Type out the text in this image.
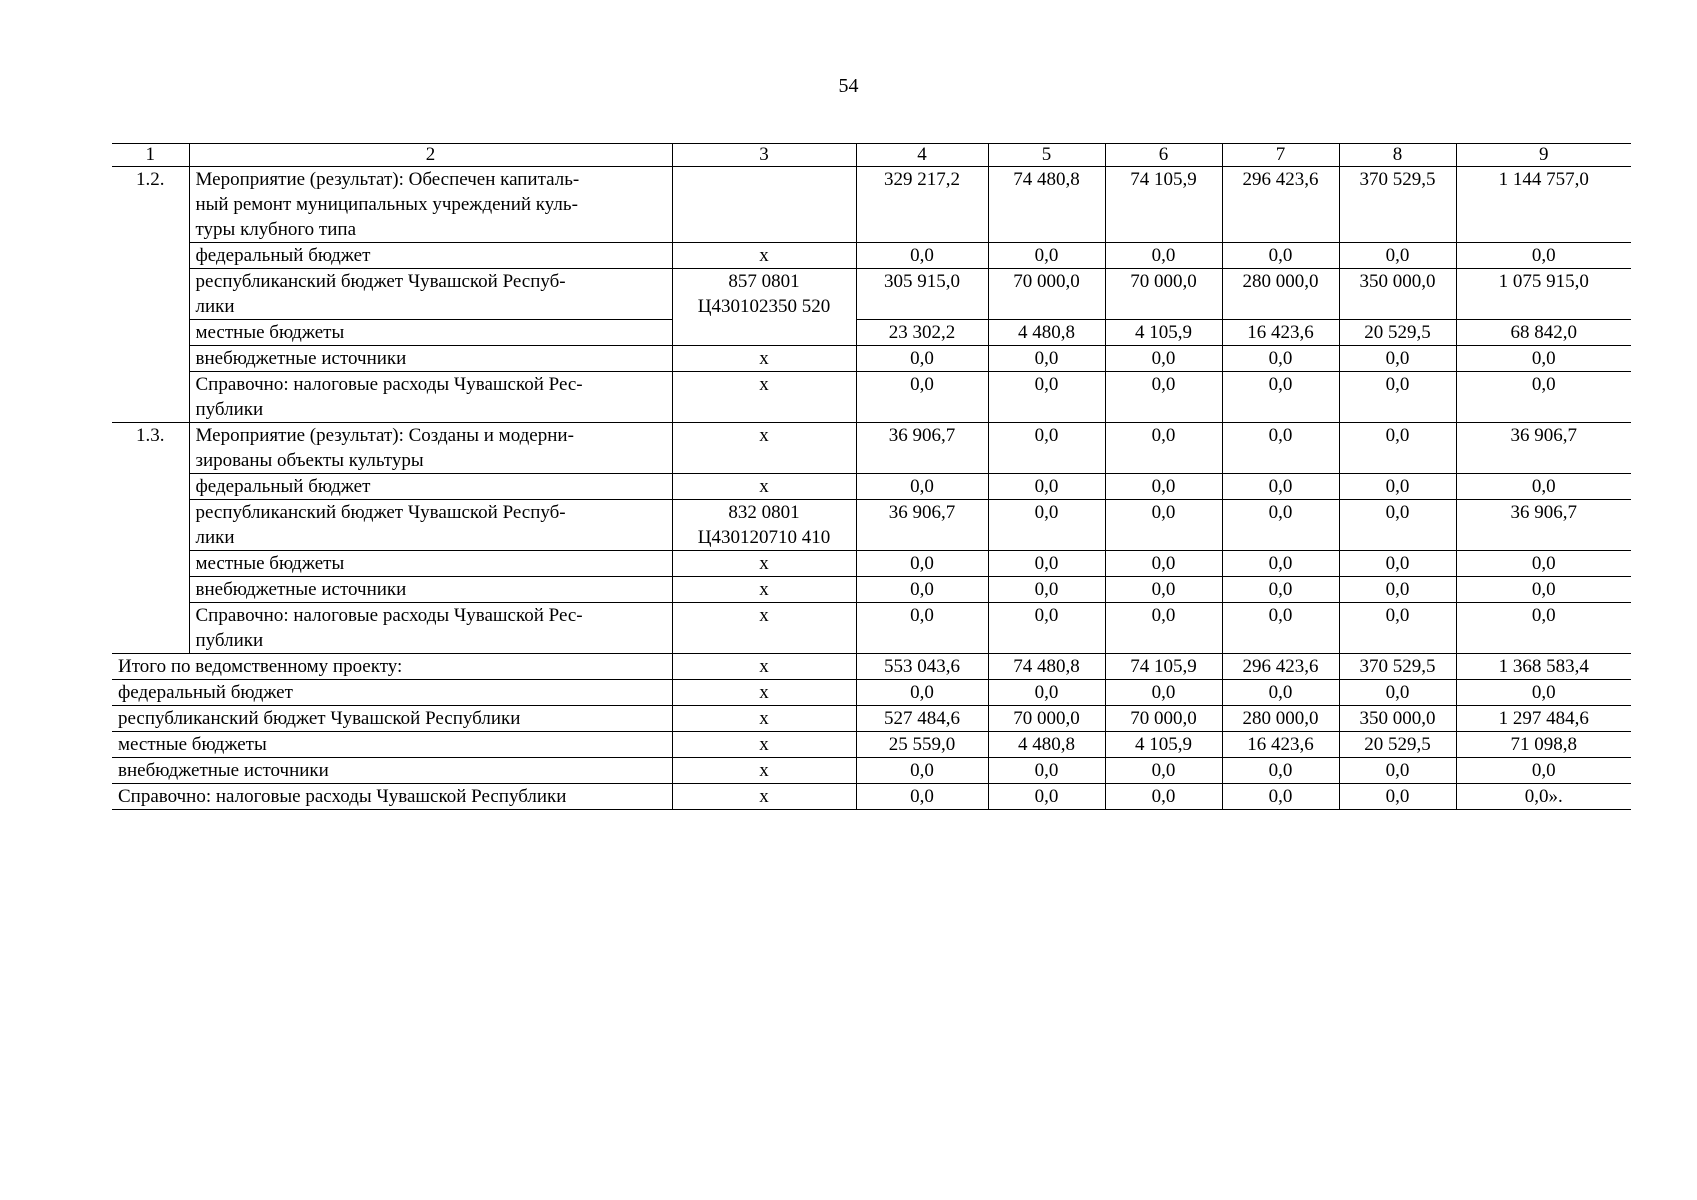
54
1	2	3	4	5	6	7	8	9
1.2.	Мероприятие (результат): Обеспечен капиталь-
ный ремонт муниципальных учреждений куль-
туры клубного типа		329 217,2	74 480,8	74 105,9	296 423,6	370 529,5	1 144 757,0

	федеральный бюджет	х	0,0	0,0	0,0	0,0	0,0	0,0

	республиканский бюджет Чувашской Респуб-
лики	857 0801
Ц430102350 520	305 915,0	70 000,0	70 000,0	280 000,0	350 000,0	1 075 915,0

	местные бюджеты		23 302,2	4 480,8	4 105,9	16 423,6	20 529,5	68 842,0

	внебюджетные источники	х	0,0	0,0	0,0	0,0	0,0	0,0

	Справочно: налоговые расходы Чувашской Рес-
публики	х	0,0	0,0	0,0	0,0	0,0	0,0
1.3.	Мероприятие (результат): Созданы и модерни-
зированы объекты культуры	х	36 906,7	0,0	0,0	0,0	0,0	36 906,7

	федеральный бюджет	х	0,0	0,0	0,0	0,0	0,0	0,0

	республиканский бюджет Чувашской Респуб-
лики	832 0801
Ц430120710 410	36 906,7	0,0	0,0	0,0	0,0	36 906,7

	местные бюджеты	х	0,0	0,0	0,0	0,0	0,0	0,0

	внебюджетные источники	х	0,0	0,0	0,0	0,0	0,0	0,0

	Справочно: налоговые расходы Чувашской Рес-
публики	х	0,0	0,0	0,0	0,0	0,0	0,0
Итого по ведомственному проекту:		х	553 043,6	74 480,8	74 105,9	296 423,6	370 529,5	1 368 583,4
федеральный бюджет		х	0,0	0,0	0,0	0,0	0,0	0,0
республиканский бюджет Чувашской Республики		х	527 484,6	70 000,0	70 000,0	280 000,0	350 000,0	1 297 484,6
местные бюджеты		х	25 559,0	4 480,8	4 105,9	16 423,6	20 529,5	71 098,8
внебюджетные источники		х	0,0	0,0	0,0	0,0	0,0	0,0
Справочно: налоговые расходы Чувашской Республики		х	0,0	0,0	0,0	0,0	0,0	0,0».
